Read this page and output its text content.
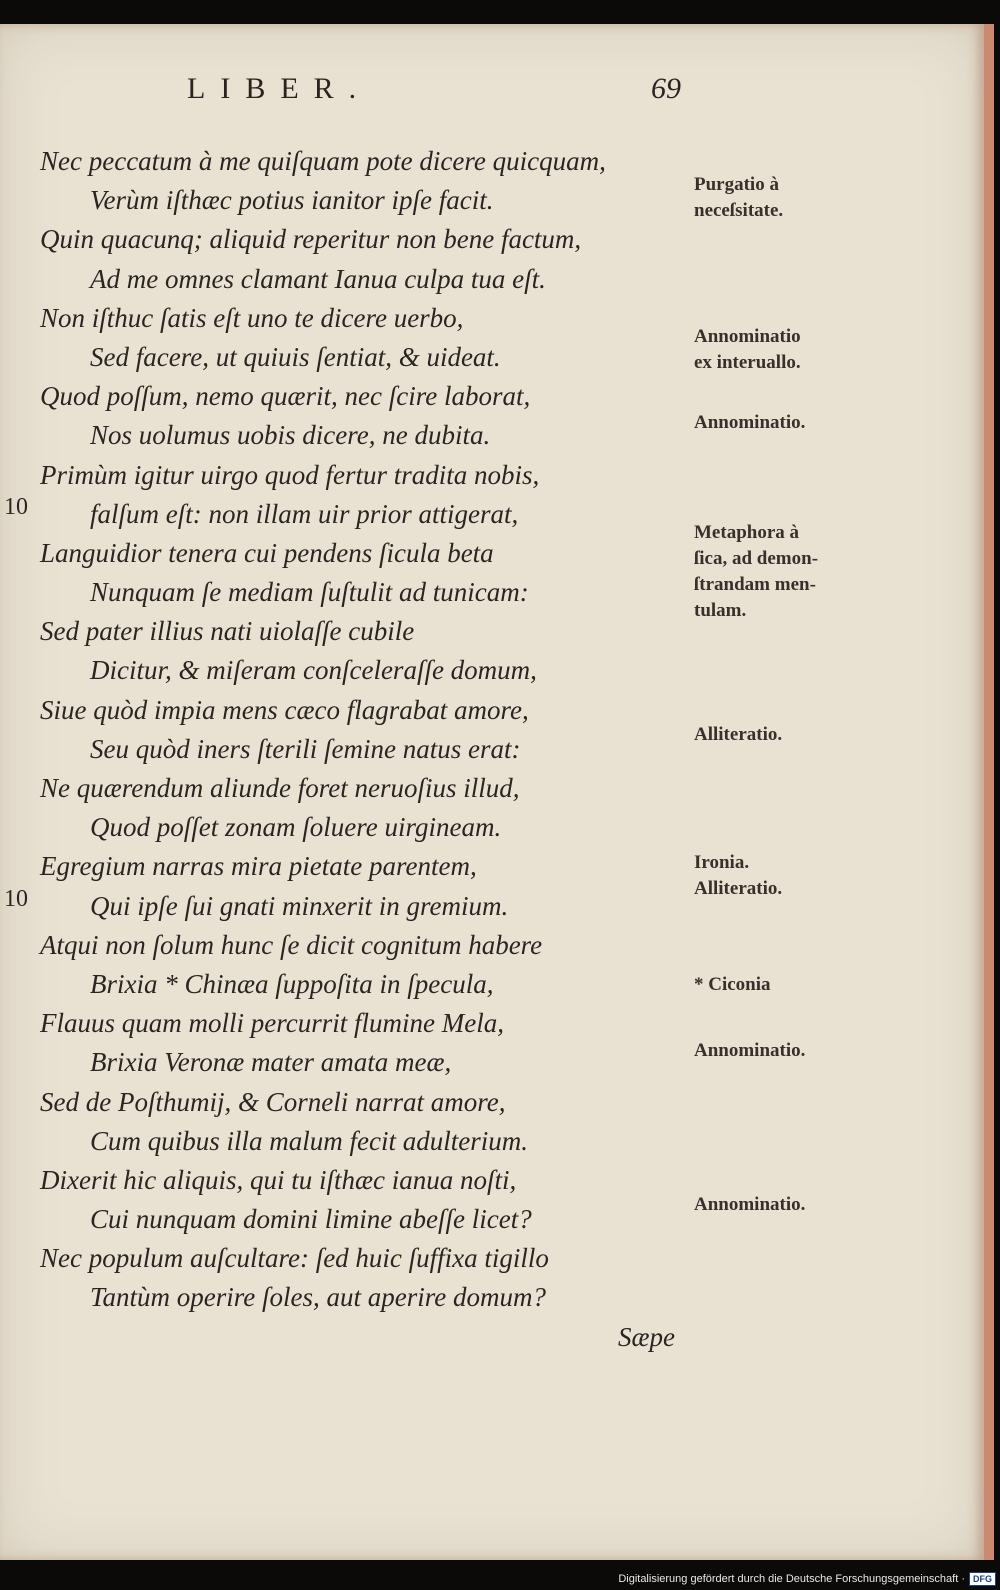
LIBER.	69
10
10
Nec peccatum à me quiſquam pote dicere quicquam,
Verùm iſthæc potius ianitor ipſe facit.
Quin quacunq; aliquid reperitur non bene factum,
Ad me omnes clamant Ianua culpa tua eſt.
Non iſthuc ſatis eſt uno te dicere uerbo,
Sed facere, ut quiuis ſentiat, & uideat.
Quod poſſum, nemo quærit, nec ſcire laborat,
Nos uolumus uobis dicere, ne dubita.
Primùm igitur uirgo quod fertur tradita nobis,
falſum eſt: non illam uir prior attigerat,
Languidior tenera cui pendens ſicula beta
Nunquam ſe mediam ſuſtulit ad tunicam:
Sed pater illius nati uiolaſſe cubile
Dicitur, & miſeram conſceleraſſe domum,
Siue quòd impia mens cæco flagrabat amore,
Seu quòd iners ſterili ſemine natus erat:
Ne quærendum aliunde foret neruoſius illud,
Quod poſſet zonam ſoluere uirgineam.
Egregium narras mira pietate parentem,
Qui ipſe ſui gnati minxerit in gremium.
Atqui non ſolum hunc ſe dicit cognitum habere
Brixia * Chinæa ſuppoſita in ſpecula,
Flauus quam molli percurrit flumine Mela,
Brixia Veronæ mater amata meæ,
Sed de Poſthumij, & Corneli narrat amore,
Cum quibus illa malum fecit adulterium.
Dixerit hic aliquis, qui tu iſthæc ianua noſti,
Cui nunquam domini limine abeſſe licet?
Nec populum auſcultare: ſed huic ſuffixa tigillo
Tantùm operire ſoles, aut aperire domum?
Purgatio à
neceſsitate.
Annominatio
ex interuallo.
Annominatio.
Metaphora à
ſica, ad demon-
ſtrandam men-
tulam.
Alliteratio.
Ironia.
Alliteratio.
* Ciconia
Annominatio.
Annominatio.
Sæpe
Digitalisierung gefördert durch die Deutsche Forschungsgemeinschaft · DFG
